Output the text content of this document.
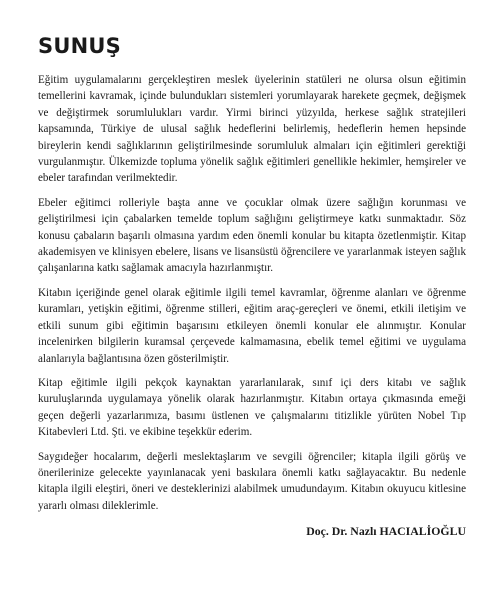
SUNUŞ

Eğitim uygulamalarını gerçekleştiren meslek üyelerinin statüleri ne olursa olsun eğitimin temellerini kavramak, içinde bulundukları sistemleri yorumlayarak harekete geçmek, değişmek ve değiştirmek sorumlulukları vardır. Yirmi birinci yüzyılda, herkese sağlık stratejileri kapsamında, Türkiye de ulusal sağlık hedeflerini belirlemiş, hedeflerin hemen hepsinde bireylerin kendi sağlıklarının geliştirilmesinde sorumluluk almaları için eğitimleri gerektiği vurgulanmıştır. Ülkemizde topluma yönelik sağlık eğitimleri genellikle hekimler, hemşireler ve ebeler tarafından verilmektedir.

Ebeler eğitimci rolleriyle başta anne ve çocuklar olmak üzere sağlığın korunması ve geliştirilmesi için çabalarken temelde toplum sağlığını geliştirmeye katkı sunmaktadır. Söz konusu çabaların başarılı olmasına yardım eden önemli konular bu kitapta özetlenmiştir. Kitap akademisyen ve klinisyen ebelere, lisans ve lisansüstü öğrencilere ve yararlanmak isteyen sağlık çalışanlarına katkı sağlamak amacıyla hazırlanmıştır.

Kitabın içeriğinde genel olarak eğitimle ilgili temel kavramlar, öğrenme alanları ve öğrenme kuramları, yetişkin eğitimi, öğrenme stilleri, eğitim araç-gereçleri ve önemi, etkili iletişim ve etkili sunum gibi eğitimin başarısını etkileyen önemli konular ele alınmıştır. Konular incelenirken bilgilerin kuramsal çerçevede kalmamasına, ebelik temel eğitimi ve uygulama alanlarıyla bağlantısına özen gösterilmiştir.

Kitap eğitimle ilgili pekçok kaynaktan yararlanılarak, sınıf içi ders kitabı ve sağlık kuruluşlarında uygulamaya yönelik olarak hazırlanmıştır. Kitabın ortaya çıkmasında emeği geçen değerli yazarlarımıza, basımı üstlenen ve çalışmalarını titizlikle yürüten Nobel Tıp Kitabevleri Ltd. Şti. ve ekibine teşekkür ederim.

Saygıdeğer hocalarım, değerli meslektaşlarım ve sevgili öğrenciler; kitapla ilgili görüş ve önerilerinize gelecekte yayınlanacak yeni baskılara önemli katkı sağlayacaktır. Bu nedenle kitapla ilgili eleştiri, öneri ve desteklerinizi alabilmek umudundayım. Kitabın okuyucu kitlesine yararlı olması dileklerimle.

Doç. Dr. Nazlı HACIALİOĞLU
